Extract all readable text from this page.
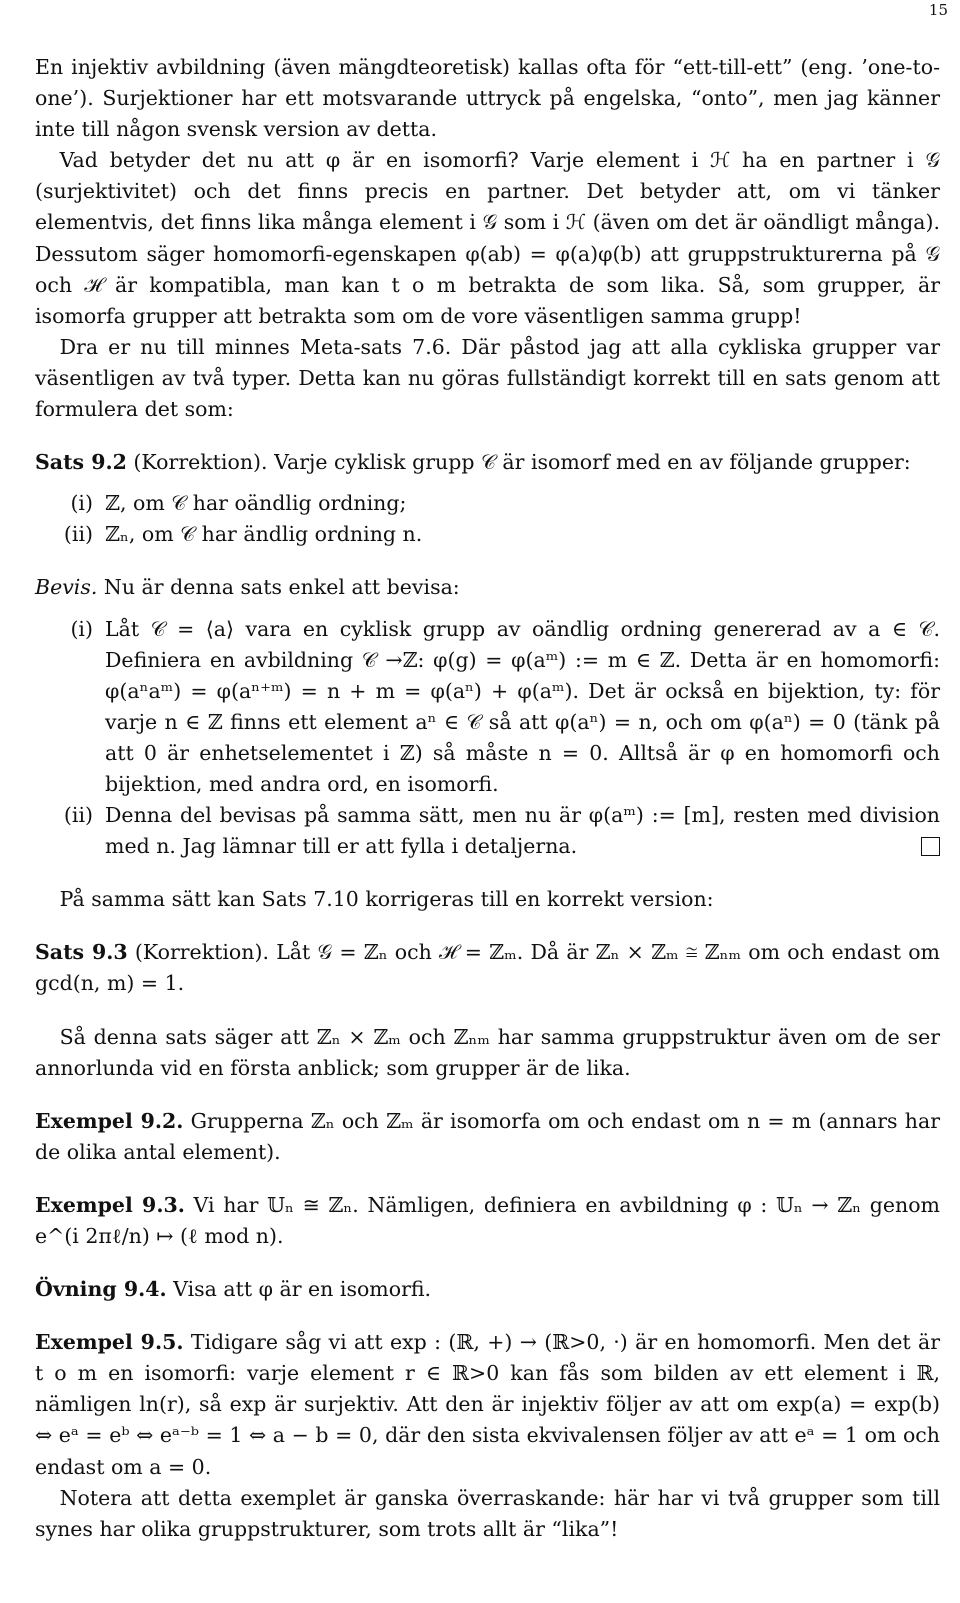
15

En injektiv avbildning (även mängdteoretisk) kallas ofta för “ett-till-ett” (eng. ’one-to-one’). Surjektioner har ett motsvarande uttryck på engelska, “onto”, men jag känner inte till någon svensk version av detta.

Vad betyder det nu att φ är en isomorfi? Varje element i ℋ ha en partner i 𝒢 (surjektivitet) och det finns precis en partner. Det betyder att, om vi tänker elementvis, det finns lika många element i 𝒢 som i ℋ (även om det är oändligt många). Dessutom säger homomorfi-egenskapen φ(ab) = φ(a)φ(b) att gruppstrukturerna på 𝒢 och ℋ är kompatibla, man kan t o m betrakta de som lika. Så, som grupper, är isomorfa grupper att betrakta som om de vore väsentligen samma grupp!

Dra er nu till minnes Meta-sats 7.6. Där påstod jag att alla cykliska grupper var väsentligen av två typer. Detta kan nu göras fullständigt korrekt till en sats genom att formulera det som:

Sats 9.2 (Korrektion). Varje cyklisk grupp 𝒞 är isomorf med en av följande grupper:

(i) ℤ, om 𝒞 har oändlig ordning;
(ii) ℤₙ, om 𝒞 har ändlig ordning n.

Bevis. Nu är denna sats enkel att bevisa:

(i) Låt 𝒞 = ⟨a⟩ vara en cyklisk grupp av oändlig ordning genererad av a ∈ 𝒞. Definiera en avbildning 𝒞 →ℤ: φ(g) = φ(aᵐ) := m ∈ ℤ. Detta är en homomorfi: φ(aⁿaᵐ) = φ(aⁿ⁺ᵐ) = n + m = φ(aⁿ) + φ(aᵐ). Det är också en bijektion, ty: för varje n ∈ ℤ finns ett element aⁿ ∈ 𝒞 så att φ(aⁿ) = n, och om φ(aⁿ) = 0 (tänk på att 0 är enhetselementet i ℤ) så måste n = 0. Alltså är φ en homomorfi och bijektion, med andra ord, en isomorfi.
(ii) Denna del bevisas på samma sätt, men nu är φ(aᵐ) := [m], resten med division med n. Jag lämnar till er att fylla i detaljerna.

På samma sätt kan Sats 7.10 korrigeras till en korrekt version:

Sats 9.3 (Korrektion). Låt 𝒢 = ℤₙ och ℋ = ℤₘ. Då är ℤₙ × ℤₘ ≅ ℤₙₘ om och endast om gcd(n, m) = 1.

Så denna sats säger att ℤₙ × ℤₘ och ℤₙₘ har samma gruppstruktur även om de ser annorlunda vid en första anblick; som grupper är de lika.

Exempel 9.2. Grupperna ℤₙ och ℤₘ är isomorfa om och endast om n = m (annars har de olika antal element).

Exempel 9.3. Vi har 𝕌ₙ ≅ ℤₙ. Nämligen, definiera en avbildning φ : 𝕌ₙ → ℤₙ genom e^(i 2πℓ/n) ↦ (ℓ mod n).

Övning 9.4. Visa att φ är en isomorfi.

Exempel 9.5. Tidigare såg vi att exp : (ℝ, +) → (ℝ>0, ·) är en homomorfi. Men det är t o m en isomorfi: varje element r ∈ ℝ>0 kan fås som bilden av ett element i ℝ, nämligen ln(r), så exp är surjektiv. Att den är injektiv följer av att om exp(a) = exp(b) ⇔ eᵃ = eᵇ ⇔ eᵃ⁻ᵇ = 1 ⇔ a − b = 0, där den sista ekvivalensen följer av att eᵃ = 1 om och endast om a = 0.

Notera att detta exemplet är ganska överraskande: här har vi två grupper som till synes har olika gruppstrukturer, som trots allt är “lika”!
